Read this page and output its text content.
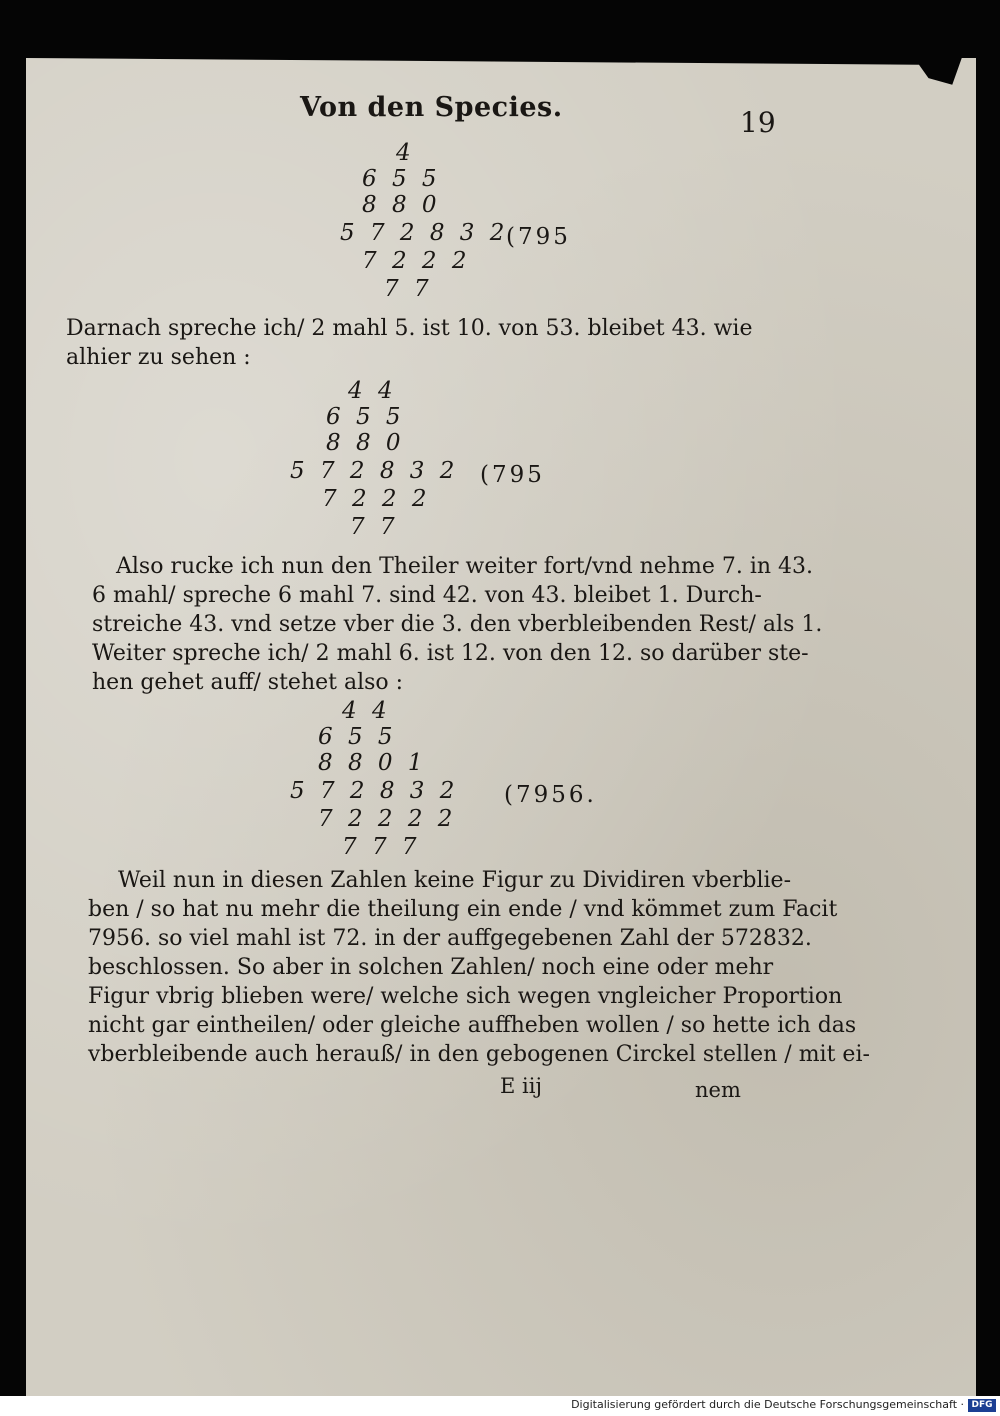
Von den Species.	19
4
6 5 5
8 8 0
5 7 2 8 3 2
7 2 2 2
7 7
(795
Darnach spreche ich/ 2 mahl 5. ist 10. von 53. bleibet 43. wie
alhier zu sehen :
4 4
6 5 5
8 8 0
5 7 2 8 3 2
7 2 2 2
7 7
(795
Also rucke ich nun den Theiler weiter fort/vnd nehme 7. in 43.
6 mahl/ spreche 6 mahl 7. sind 42. von 43. bleibet 1. Durch-
streiche 43. vnd setze vber die 3. den vberbleibenden Rest/ als 1.
Weiter spreche ich/ 2 mahl 6. ist 12. von den 12. so darüber ste-
hen gehet auff/ stehet also :
4 4
6 5 5
8 8 0 1
5 7 2 8 3 2
7 2 2 2 2
7 7 7
(7956.
Weil nun in diesen Zahlen keine Figur zu Dividiren vberblie-
ben / so hat nu mehr die theilung ein ende / vnd kömmet zum Facit
7956. so viel mahl ist 72. in der auffgegebenen Zahl der 572832.
beschlossen. So aber in solchen Zahlen/ noch eine oder mehr
Figur vbrig blieben were/ welche sich wegen vngleicher Proportion
nicht gar eintheilen/ oder gleiche auffheben wollen / so hette ich das
vberbleibende auch herauß/ in den gebogenen Circkel stellen / mit ei-
E iij	nem
Digitalisierung gefördert durch die Deutsche Forschungsgemeinschaft · DFG
